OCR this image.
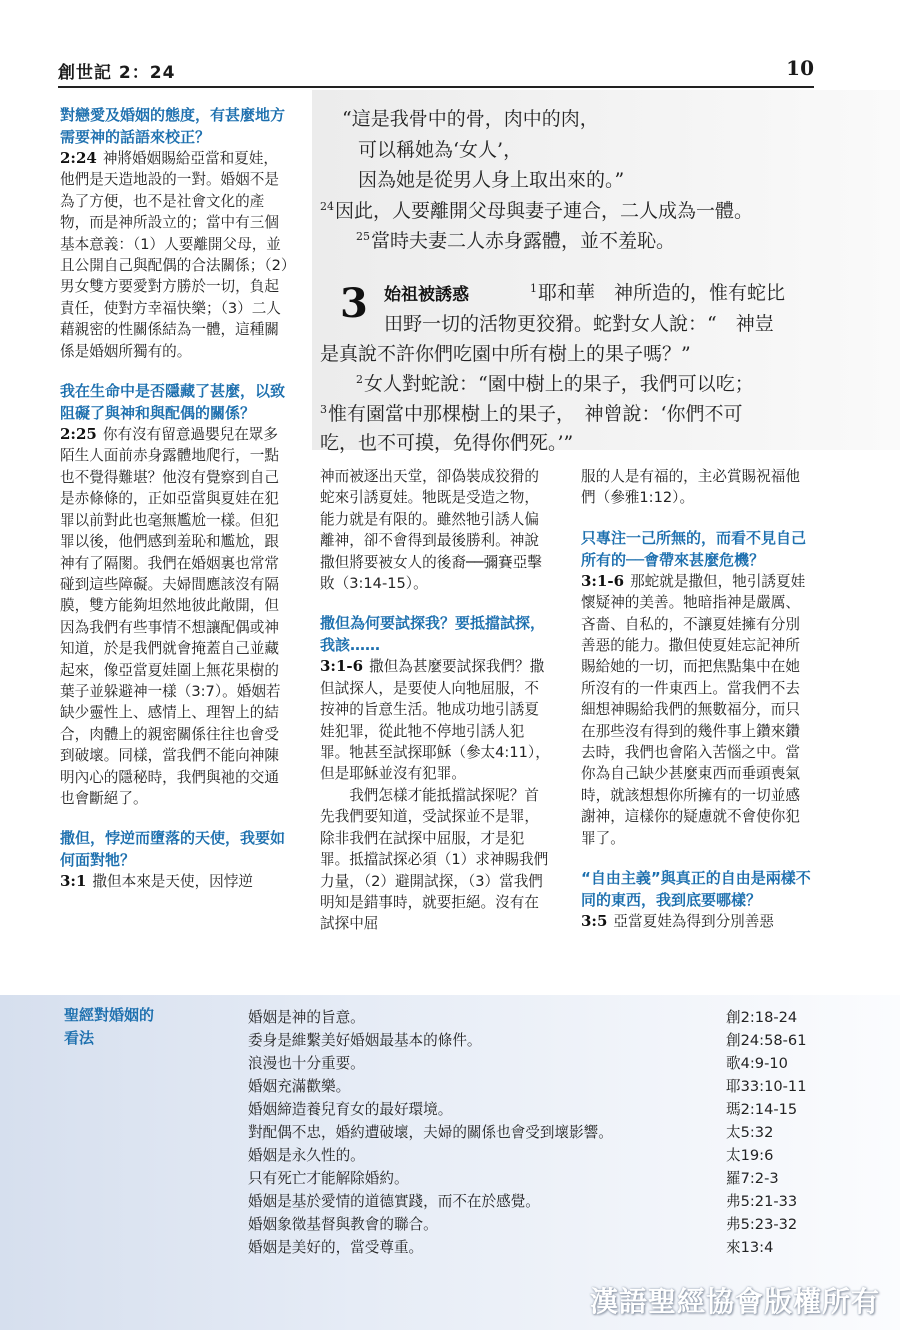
創世記 2：24	10
“這是我骨中的骨，肉中的肉，
可以稱她為‘女人’，
因為她是從男人身上取出來的。”
$^{24}$因此，人要離開父母與妻子連合，二人成為一體。
$^{25}$當時夫妻二人赤身露體，並不羞恥。
3 始祖被誘惑	$^1$耶和華　神所造的，惟有蛇比
田野一切的活物更狡猾。蛇對女人說：“　神豈
是真說不許你們吃園中所有樹上的果子嗎？”
$^2$女人對蛇說：“園中樹上的果子，我們可以吃；
$^3$惟有園當中那棵樹上的果子，　神曾說：‘你們不可
吃，也不可摸，免得你們死。’”

對戀愛及婚姻的態度，有甚麼地方需要神的話語來校正？

2:24 神將婚姻賜給亞當和夏娃，他們是天造地設的一對。婚姻不是為了方便，也不是社會文化的產物，而是神所設立的；當中有三個基本意義：（1）人要離開父母，並且公開自己與配偶的合法關係；（2）男女雙方要愛對方勝於一切，負起責任，使對方幸福快樂；（3）二人藉親密的性關係結為一體，這種關係是婚姻所獨有的。

我在生命中是否隱藏了甚麼，以致阻礙了與神和與配偶的關係？

2:25 你有沒有留意過嬰兒在眾多陌生人面前赤身露體地爬行，一點也不覺得難堪？他沒有覺察到自己是赤條條的，正如亞當與夏娃在犯罪以前對此也毫無尷尬一樣。但犯罪以後，他們感到羞恥和尷尬，跟神有了隔閡。我們在婚姻裏也常常碰到這些障礙。夫婦間應該沒有隔膜，雙方能夠坦然地彼此敞開，但因為我們有些事情不想讓配偶或神知道，於是我們就會掩蓋自己並藏起來，像亞當夏娃圍上無花果樹的葉子並躲避神一樣（3:7）。婚姻若缺少靈性上、感情上、理智上的結合，肉體上的親密關係往往也會受到破壞。同樣，當我們不能向神陳明內心的隱秘時，我們與祂的交通也會斷絕了。

撒但，悖逆而墮落的天使，我要如何面對牠？

3:1 撒但本來是天使，因悖逆

神而被逐出天堂，卻偽裝成狡猾的蛇來引誘夏娃。牠既是受造之物，能力就是有限的。雖然牠引誘人偏離神，卻不會得到最後勝利。神說撒但將要被女人的後裔──彌賽亞擊敗（3:14-15）。

撒但為何要試探我？要抵擋試探，我該……

3:1-6 撒但為甚麼要試探我們？撒但試探人，是要使人向牠屈服，不按神的旨意生活。牠成功地引誘夏娃犯罪，從此牠不停地引誘人犯罪。牠甚至試探耶穌（參太4:11），但是耶穌並沒有犯罪。

我們怎樣才能抵擋試探呢？首先我們要知道，受試探並不是罪，除非我們在試探中屈服，才是犯罪。抵擋試探必須（1）求神賜我們力量，（2）避開試探，（3）當我們明知是錯事時，就要拒絕。沒有在試探中屈

服的人是有福的，主必賞賜祝福他們（參雅1:12）。

只專注一己所無的，而看不見自己所有的──會帶來甚麼危機？

3:1-6 那蛇就是撒但，牠引誘夏娃懷疑神的美善。牠暗指神是嚴厲、吝嗇、自私的，不讓夏娃擁有分別善惡的能力。撒但使夏娃忘記神所賜給她的一切，而把焦點集中在她所沒有的一件東西上。當我們不去細想神賜給我們的無數福分，而只在那些沒有得到的幾件事上鑽來鑽去時，我們也會陷入苦惱之中。當你為自己缺少甚麼東西而垂頭喪氣時，就該想想你所擁有的一切並感謝神，這樣你的疑慮就不會使你犯罪了。

“自由主義”與真正的自由是兩樣不同的東西，我到底要哪樣？

3:5 亞當夏娃為得到分別善惡

聖經對婚姻的
看法
婚姻是神的旨意。	創2:18-24
委身是維繫美好婚姻最基本的條件。	創24:58-61
浪漫也十分重要。	歌4:9-10
婚姻充滿歡樂。	耶33:10-11
婚姻締造養兒育女的最好環境。	瑪2:14-15
對配偶不忠，婚約遭破壞，夫婦的關係也會受到壞影響。	太5:32
婚姻是永久性的。	太19:6
只有死亡才能解除婚約。	羅7:2-3
婚姻是基於愛情的道德實踐，而不在於感覺。	弗5:21-33
婚姻象徵基督與教會的聯合。	弗5:23-32
婚姻是美好的，當受尊重。	來13:4
漢語聖經協會版權所有
